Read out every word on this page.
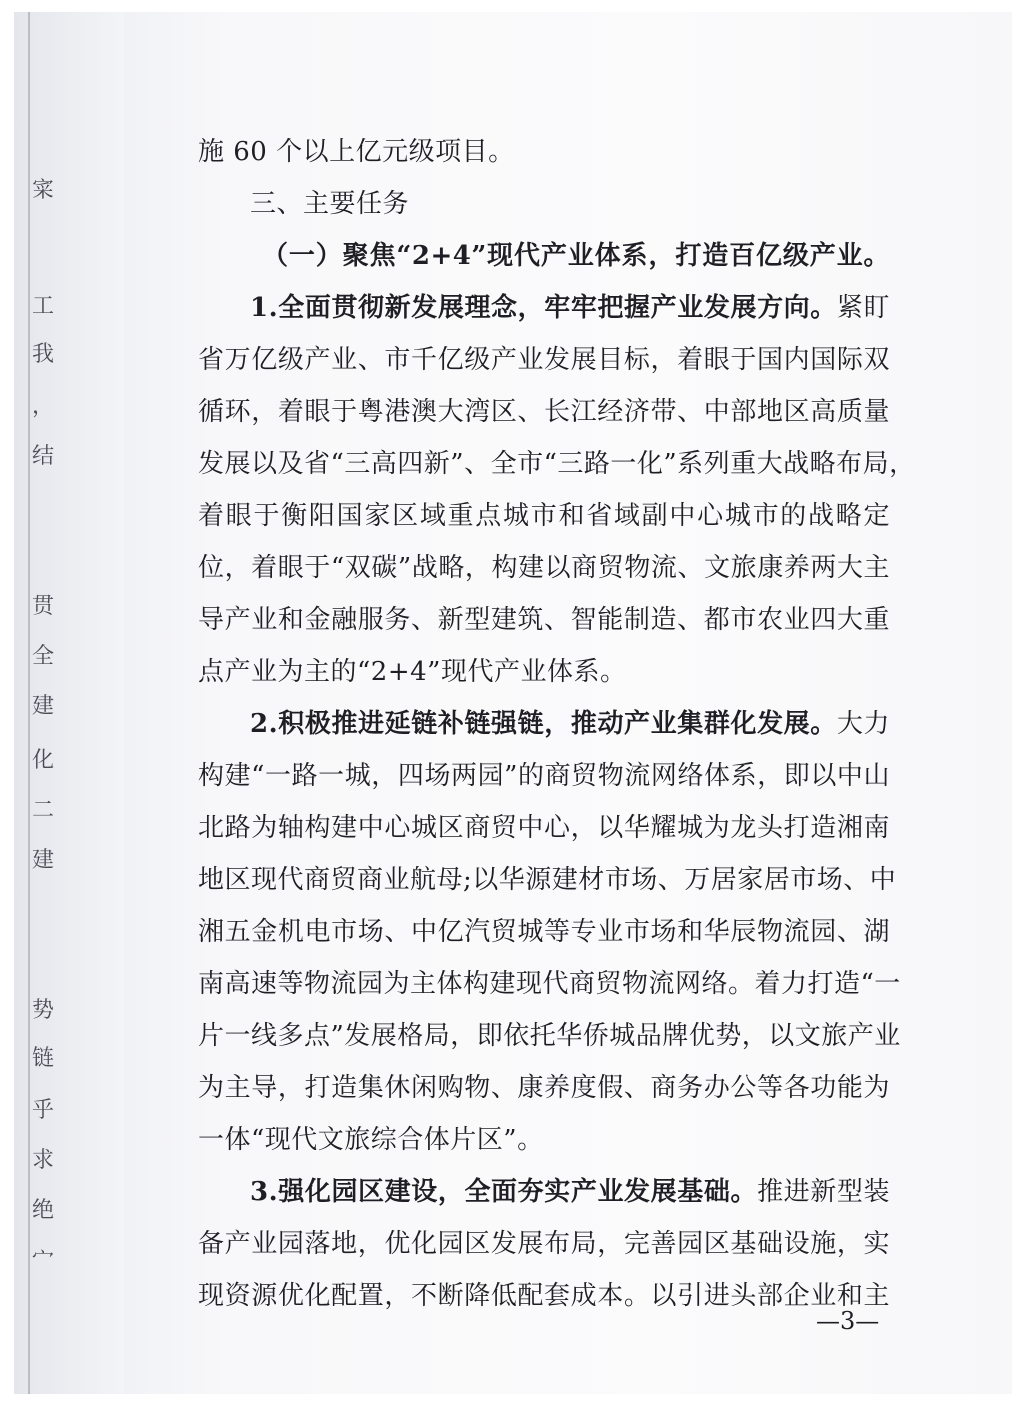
寀
工
我
，
结
贯
全
建
化
二
建
势
链
乎
求
绝
宀
施 60 个以上亿元级项目。
三、主要任务
（一）聚焦“2+4”现代产业体系，打造百亿级产业。
1.全面贯彻新发展理念，牢牢把握产业发展方向。紧盯
省万亿级产业、市千亿级产业发展目标，着眼于国内国际双
循环，着眼于粤港澳大湾区、长江经济带、中部地区高质量
发展以及省“三高四新”、全市“三路一化”系列重大战略布局，
着眼于衡阳国家区域重点城市和省域副中心城市的战略定
位，着眼于“双碳”战略，构建以商贸物流、文旅康养两大主
导产业和金融服务、新型建筑、智能制造、都市农业四大重
点产业为主的“2+4”现代产业体系。
2.积极推进延链补链强链，推动产业集群化发展。大力
构建“一路一城，四场两园”的商贸物流网络体系，即以中山
北路为轴构建中心城区商贸中心，以华耀城为龙头打造湘南
地区现代商贸商业航母;以华源建材市场、万居家居市场、中
湘五金机电市场、中亿汽贸城等专业市场和华辰物流园、湖
南高速等物流园为主体构建现代商贸物流网络。着力打造“一
片一线多点”发展格局，即依托华侨城品牌优势，以文旅产业
为主导，打造集休闲购物、康养度假、商务办公等各功能为
一体“现代文旅综合体片区”。
3.强化园区建设，全面夯实产业发展基础。推进新型装
备产业园落地，优化园区发展布局，完善园区基础设施，实
现资源优化配置，不断降低配套成本。以引进头部企业和主
—3—
